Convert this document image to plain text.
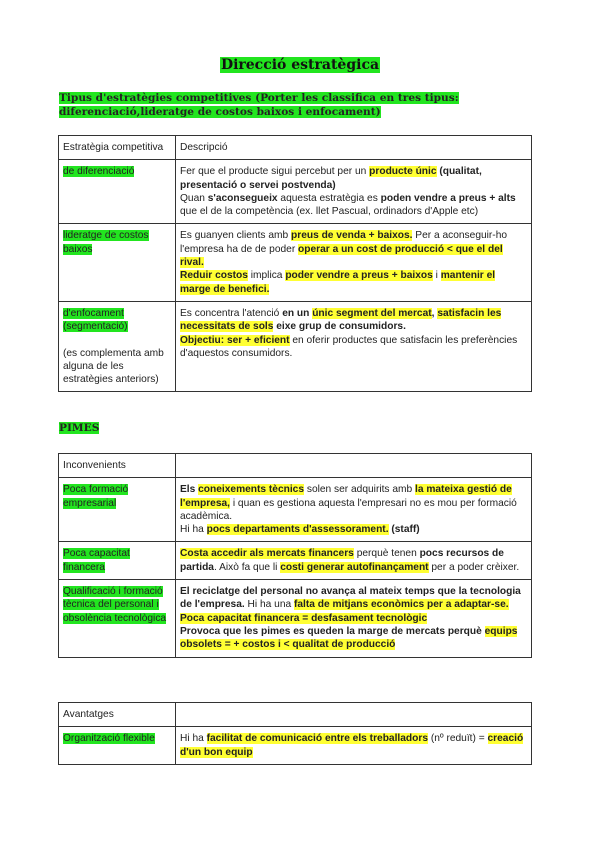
Direcció estratègica
Tipus d'estratègies competitives (Porter les classifica en tres tipus: diferenciació,lideratge de costos baixos i enfocament)
Estratègia competitiva	Descripció
de diferenciació	Fer que el producte sigui percebut per un producte únic (qualitat, presentació o servei postvenda)
Quan s'aconsegueix aquesta estratègia es poden vendre a preus + alts que el de la competència (ex. llet Pascual, ordinadors d'Apple etc)
lideratge de costos baixos	Es guanyen clients amb preus de venda + baixos. Per a aconseguir-ho l'empresa ha de de poder operar a un cost de producció < que el del rival.
Reduir costos implica poder vendre a preus + baixos i mantenir el marge de benefici.
d'enfocament (segmentació)
(es complementa amb alguna de les estratègies anteriors)	Es concentra l'atenció en un únic segment del mercat, satisfacin les necessitats de sols eixe grup de consumidors.
Objectiu: ser + eficient en oferir productes que satisfacin les preferències d'aquestos consumidors.
PIMES
Inconvenients	
Poca formació empresarial	Els coneixements tècnics solen ser adquirits amb la mateixa gestió de l'empresa, i quan es gestiona aquesta l'empresari no es mou per formació acadèmica.
Hi ha pocs departaments d'assessorament. (staff)
Poca capacitat financera	Costa accedir als mercats financers perquè tenen pocs recursos de partida. Això fa que li costi generar autofinançament per a poder crèixer.
Qualificació i formació tècnica del personal i obsolència tecnològica	El reciclatge del personal no avança al mateix temps que la tecnologia de l'empresa. Hi ha una falta de mitjans econòmics per a adaptar-se.
Poca capacitat financera = desfasament tecnològic
Provoca que les pimes es queden la marge de mercats perquè equips obsolets = + costos i < qualitat de producció
Avantatges	
Organització flexible	Hi ha facilitat de comunicació entre els treballadors (nº reduït) = creació d'un bon equip
